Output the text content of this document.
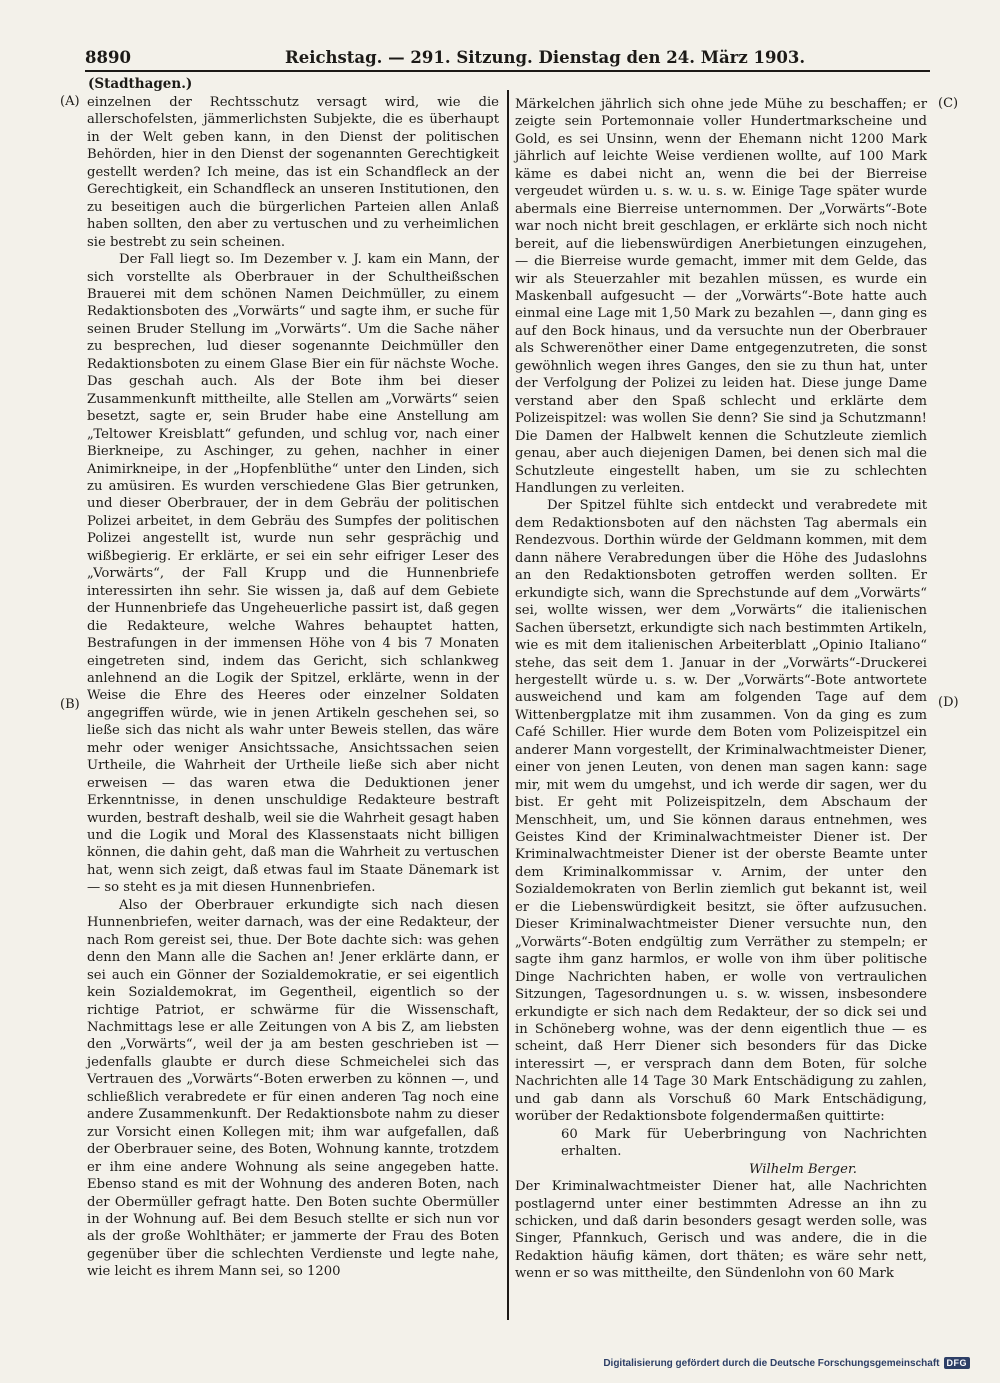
8890	Reichstag. — 291. Sitzung. Dienstag den 24. März 1903.
(Stadthagen.)
(A)
(B)
(C)
(D)

einzelnen der Rechtsschutz versagt wird, wie die allerschofelsten, jämmerlichsten Subjekte, die es überhaupt in der Welt geben kann, in den Dienst der politischen Behörden, hier in den Dienst der sogenannten Gerechtigkeit gestellt werden? Ich meine, das ist ein Schandfleck an der Gerechtigkeit, ein Schandfleck an unseren Institutionen, den zu beseitigen auch die bürgerlichen Parteien allen Anlaß haben sollten, den aber zu vertuschen und zu verheimlichen sie bestrebt zu sein scheinen.

Der Fall liegt so. Im Dezember v. J. kam ein Mann, der sich vorstellte als Oberbrauer in der Schultheißschen Brauerei mit dem schönen Namen Deichmüller, zu einem Redaktionsboten des „Vorwärts“ und sagte ihm, er suche für seinen Bruder Stellung im „Vorwärts“. Um die Sache näher zu besprechen, lud dieser sogenannte Deichmüller den Redaktionsboten zu einem Glase Bier ein für nächste Woche. Das geschah auch. Als der Bote ihm bei dieser Zusammenkunft mittheilte, alle Stellen am „Vorwärts“ seien besetzt, sagte er, sein Bruder habe eine Anstellung am „Teltower Kreisblatt“ gefunden, und schlug vor, nach einer Bierkneipe, zu Aschinger, zu gehen, nachher in einer Animirkneipe, in der „Hopfenblüthe“ unter den Linden, sich zu amüsiren. Es wurden verschiedene Glas Bier getrunken, und dieser Oberbrauer, der in dem Gebräu der politischen Polizei arbeitet, in dem Gebräu des Sumpfes der politischen Polizei angestellt ist, wurde nun sehr gesprächig und wißbegierig. Er erklärte, er sei ein sehr eifriger Leser des „Vorwärts“, der Fall Krupp und die Hunnenbriefe interessirten ihn sehr. Sie wissen ja, daß auf dem Gebiete der Hunnenbriefe das Ungeheuerliche passirt ist, daß gegen die Redakteure, welche Wahres behauptet hatten, Bestrafungen in der immensen Höhe von 4 bis 7 Monaten eingetreten sind, indem das Gericht, sich schlankweg anlehnend an die Logik der Spitzel, erklärte, wenn in der Weise die Ehre des Heeres oder einzelner Soldaten angegriffen würde, wie in jenen Artikeln geschehen sei, so ließe sich das nicht als wahr unter Beweis stellen, das wäre mehr oder weniger Ansichtssache, Ansichtssachen seien Urtheile, die Wahrheit der Urtheile ließe sich aber nicht erweisen — das waren etwa die Deduktionen jener Erkenntnisse, in denen unschuldige Redakteure bestraft wurden, bestraft deshalb, weil sie die Wahrheit gesagt haben und die Logik und Moral des Klassenstaats nicht billigen können, die dahin geht, daß man die Wahrheit zu vertuschen hat, wenn sich zeigt, daß etwas faul im Staate Dänemark ist — so steht es ja mit diesen Hunnenbriefen.

Also der Oberbrauer erkundigte sich nach diesen Hunnenbriefen, weiter darnach, was der eine Redakteur, der nach Rom gereist sei, thue. Der Bote dachte sich: was gehen denn den Mann alle die Sachen an! Jener erklärte dann, er sei auch ein Gönner der Sozialdemokratie, er sei eigentlich kein Sozialdemokrat, im Gegentheil, eigentlich so der richtige Patriot, er schwärme für die Wissenschaft, Nachmittags lese er alle Zeitungen von A bis Z, am liebsten den „Vorwärts“, weil der ja am besten geschrieben ist — jedenfalls glaubte er durch diese Schmeichelei sich das Vertrauen des „Vorwärts“-Boten erwerben zu können —, und schließlich verabredete er für einen anderen Tag noch eine andere Zusammenkunft. Der Redaktionsbote nahm zu dieser zur Vorsicht einen Kollegen mit; ihm war aufgefallen, daß der Oberbrauer seine, des Boten, Wohnung kannte, trotzdem er ihm eine andere Wohnung als seine angegeben hatte. Ebenso stand es mit der Wohnung des anderen Boten, nach der Obermüller gefragt hatte. Den Boten suchte Obermüller in der Wohnung auf. Bei dem Besuch stellte er sich nun vor als der große Wohlthäter; er jammerte der Frau des Boten gegenüber über die schlechten Verdienste und legte nahe, wie leicht es ihrem Mann sei, so 1200

Märkelchen jährlich sich ohne jede Mühe zu beschaffen; er zeigte sein Portemonnaie voller Hundertmarkscheine und Gold, es sei Unsinn, wenn der Ehemann nicht 1200 Mark jährlich auf leichte Weise verdienen wollte, auf 100 Mark käme es dabei nicht an, wenn die bei der Bierreise vergeudet würden u. s. w. u. s. w. Einige Tage später wurde abermals eine Bierreise unternommen. Der „Vorwärts“-Bote war noch nicht breit geschlagen, er erklärte sich noch nicht bereit, auf die liebenswürdigen Anerbietungen einzugehen, — die Bierreise wurde gemacht, immer mit dem Gelde, das wir als Steuerzahler mit bezahlen müssen, es wurde ein Maskenball aufgesucht — der „Vorwärts“-Bote hatte auch einmal eine Lage mit 1,50 Mark zu bezahlen —, dann ging es auf den Bock hinaus, und da versuchte nun der Oberbrauer als Schwerenöther einer Dame entgegenzutreten, die sonst gewöhnlich wegen ihres Ganges, den sie zu thun hat, unter der Verfolgung der Polizei zu leiden hat. Diese junge Dame verstand aber den Spaß schlecht und erklärte dem Polizeispitzel: was wollen Sie denn? Sie sind ja Schutzmann! Die Damen der Halbwelt kennen die Schutzleute ziemlich genau, aber auch diejenigen Damen, bei denen sich mal die Schutzleute eingestellt haben, um sie zu schlechten Handlungen zu verleiten.

Der Spitzel fühlte sich entdeckt und verabredete mit dem Redaktionsboten auf den nächsten Tag abermals ein Rendezvous. Dorthin würde der Geldmann kommen, mit dem dann nähere Verabredungen über die Höhe des Judaslohns an den Redaktionsboten getroffen werden sollten. Er erkundigte sich, wann die Sprechstunde auf dem „Vorwärts“ sei, wollte wissen, wer dem „Vorwärts“ die italienischen Sachen übersetzt, erkundigte sich nach bestimmten Artikeln, wie es mit dem italienischen Arbeiterblatt „Opinio Italiano“ stehe, das seit dem 1. Januar in der „Vorwärts“-Druckerei hergestellt würde u. s. w. Der „Vorwärts“-Bote antwortete ausweichend und kam am folgenden Tage auf dem Wittenbergplatze mit ihm zusammen. Von da ging es zum Café Schiller. Hier wurde dem Boten vom Polizeispitzel ein anderer Mann vorgestellt, der Kriminalwachtmeister Diener, einer von jenen Leuten, von denen man sagen kann: sage mir, mit wem du umgehst, und ich werde dir sagen, wer du bist. Er geht mit Polizeispitzeln, dem Abschaum der Menschheit, um, und Sie können daraus entnehmen, wes Geistes Kind der Kriminalwachtmeister Diener ist. Der Kriminalwachtmeister Diener ist der oberste Beamte unter dem Kriminalkommissar v. Arnim, der unter den Sozialdemokraten von Berlin ziemlich gut bekannt ist, weil er die Liebenswürdigkeit besitzt, sie öfter aufzusuchen. Dieser Kriminalwachtmeister Diener versuchte nun, den „Vorwärts“-Boten endgültig zum Verräther zu stempeln; er sagte ihm ganz harmlos, er wolle von ihm über politische Dinge Nachrichten haben, er wolle von vertraulichen Sitzungen, Tagesordnungen u. s. w. wissen, insbesondere erkundigte er sich nach dem Redakteur, der so dick sei und in Schöneberg wohne, was der denn eigentlich thue — es scheint, daß Herr Diener sich besonders für das Dicke interessirt —, er versprach dann dem Boten, für solche Nachrichten alle 14 Tage 30 Mark Entschädigung zu zahlen, und gab dann als Vorschuß 60 Mark Entschädigung, worüber der Redaktionsbote folgendermaßen quittirte:

60 Mark für Ueberbringung von Nachrichten erhalten.

Wilhelm Berger.

Der Kriminalwachtmeister Diener hat, alle Nachrichten postlagernd unter einer bestimmten Adresse an ihn zu schicken, und daß darin besonders gesagt werden solle, was Singer, Pfannkuch, Gerisch und was andere, die in die Redaktion häufig kämen, dort thäten; es wäre sehr nett, wenn er so was mittheilte, den Sündenlohn von 60 Mark

Digitalisierung gefördert durch die Deutsche Forschungsgemeinschaft DFG
